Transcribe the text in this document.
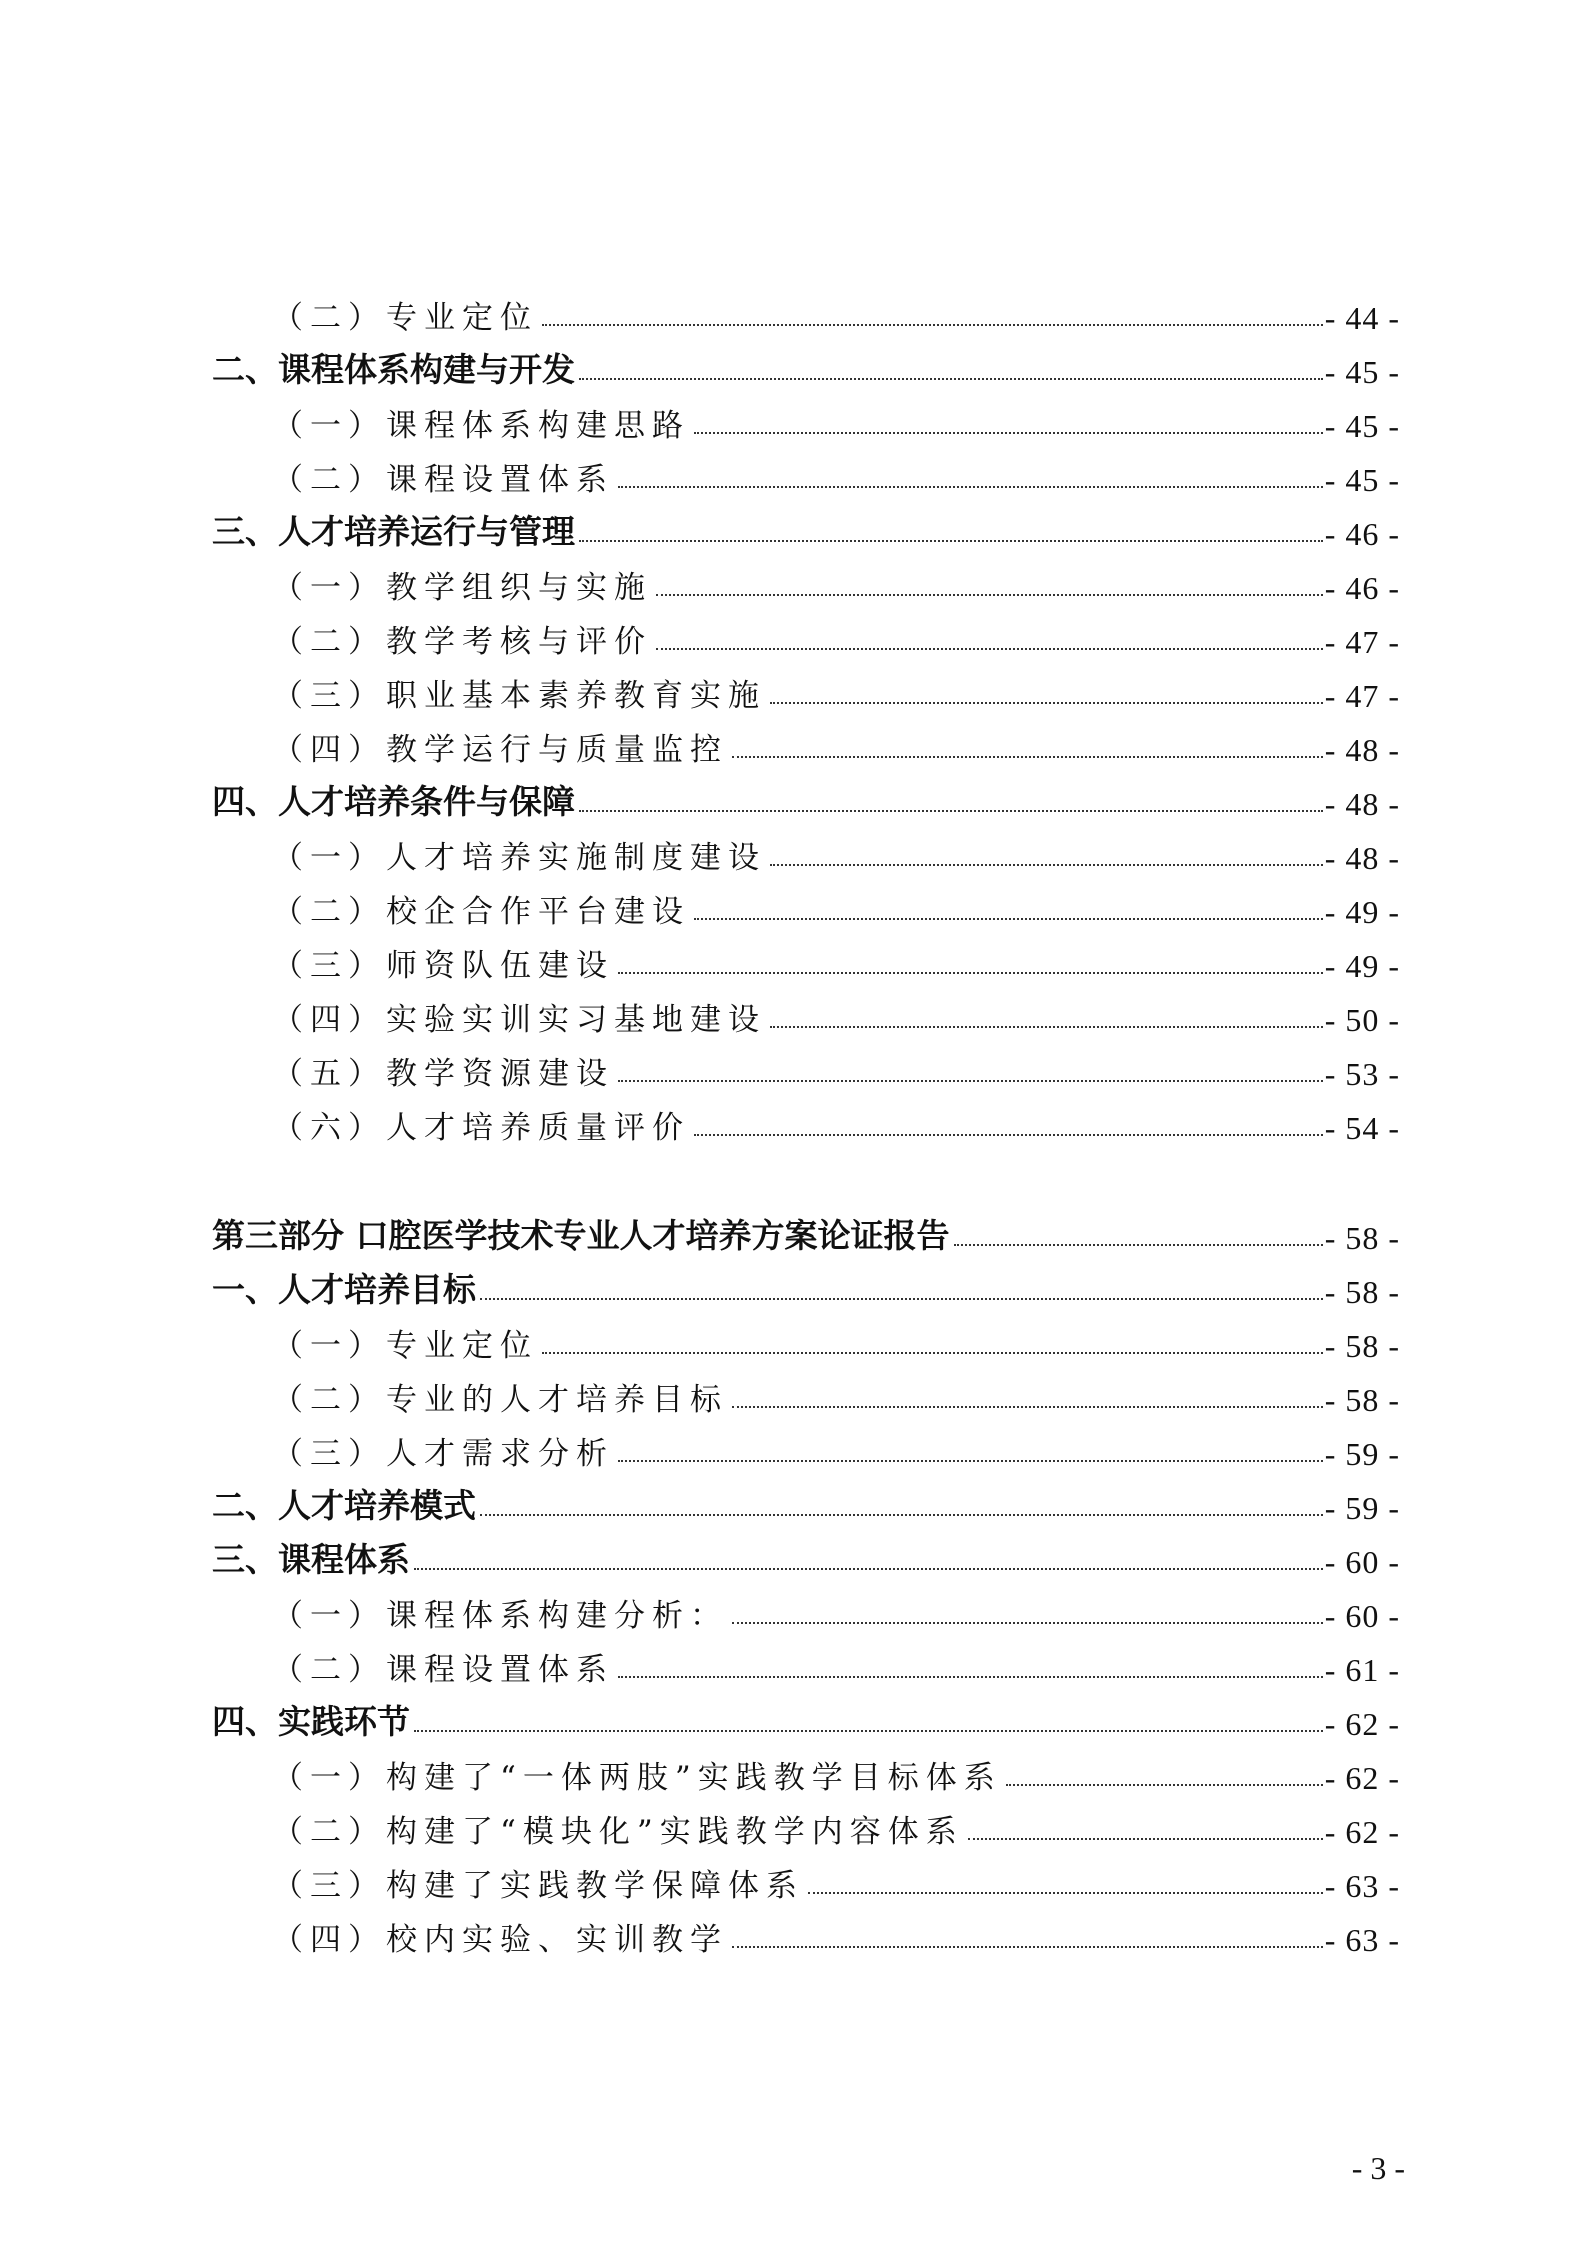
（二）专业定位	- 44 -
二、课程体系构建与开发	- 45 -
（一）课程体系构建思路	- 45 -
（二）课程设置体系	- 45 -
三、人才培养运行与管理	- 46 -
（一）教学组织与实施	- 46 -
（二）教学考核与评价	- 47 -
（三）职业基本素养教育实施	- 47 -
（四）教学运行与质量监控	- 48 -
四、人才培养条件与保障	- 48 -
（一）人才培养实施制度建设	- 48 -
（二）校企合作平台建设	- 49 -
（三）师资队伍建设	- 49 -
（四）实验实训实习基地建设	- 50 -
（五）教学资源建设	- 53 -
（六）人才培养质量评价	- 54 -
第三部分 口腔医学技术专业人才培养方案论证报告	- 58 -
一、人才培养目标	- 58 -
（一）专业定位	- 58 -
（二）专业的人才培养目标	- 58 -
（三）人才需求分析	- 59 -
二、人才培养模式	- 59 -
三、课程体系	- 60 -
（一）课程体系构建分析：	- 60 -
（二）课程设置体系	- 61 -
四、实践环节	- 62 -
（一）构建了“一体两肢”实践教学目标体系	- 62 -
（二）构建了“模块化”实践教学内容体系	- 62 -
（三）构建了实践教学保障体系	- 63 -
（四）校内实验、实训教学	- 63 -
- 3 -
